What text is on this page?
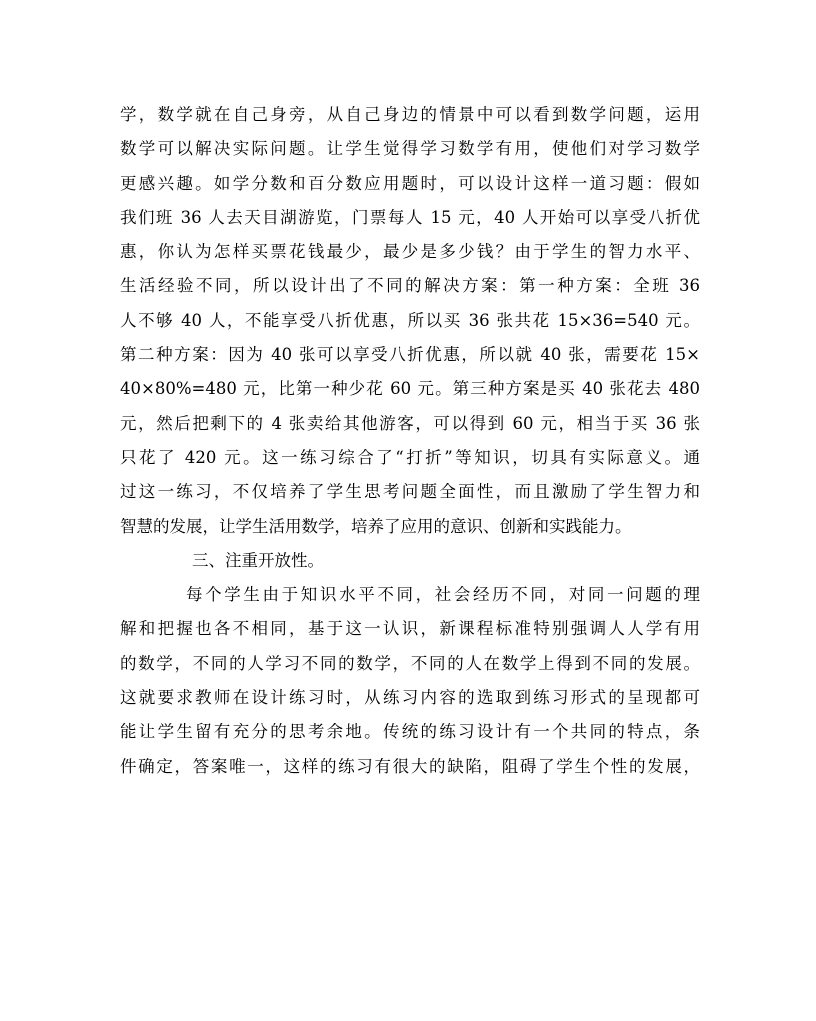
学，数学就在自己身旁，从自己身边的情景中可以看到数学问题，运用
数学可以解决实际问题。让学生觉得学习数学有用，使他们对学习数学
更感兴趣。如学分数和百分数应用题时，可以设计这样一道习题：假如
我们班 36 人去天目湖游览，门票每人 15 元，40 人开始可以享受八折优
惠，你认为怎样买票花钱最少，最少是多少钱？由于学生的智力水平、
生活经验不同，所以设计出了不同的解决方案：第一种方案：全班 36
人不够 40 人，不能享受八折优惠，所以买 36 张共花 15×36=540 元。
第二种方案：因为 40 张可以享受八折优惠，所以就 40 张，需要花 15×
40×80%=480 元，比第一种少花 60 元。第三种方案是买 40 张花去 480
元，然后把剩下的 4 张卖给其他游客，可以得到 60 元，相当于买 36 张
只花了 420 元。这一练习综合了“打折”等知识，切具有实际意义。通
过这一练习，不仅培养了学生思考问题全面性，而且激励了学生智力和
智慧的发展，让学生活用数学，培养了应用的意识、创新和实践能力。
三、注重开放性。
每个学生由于知识水平不同，社会经历不同，对同一问题的理
解和把握也各不相同，基于这一认识，新课程标准特别强调人人学有用
的数学，不同的人学习不同的数学，不同的人在数学上得到不同的发展。
这就要求教师在设计练习时，从练习内容的选取到练习形式的呈现都可
能让学生留有充分的思考余地。传统的练习设计有一个共同的特点，条
件确定，答案唯一，这样的练习有很大的缺陷，阻碍了学生个性的发展，
